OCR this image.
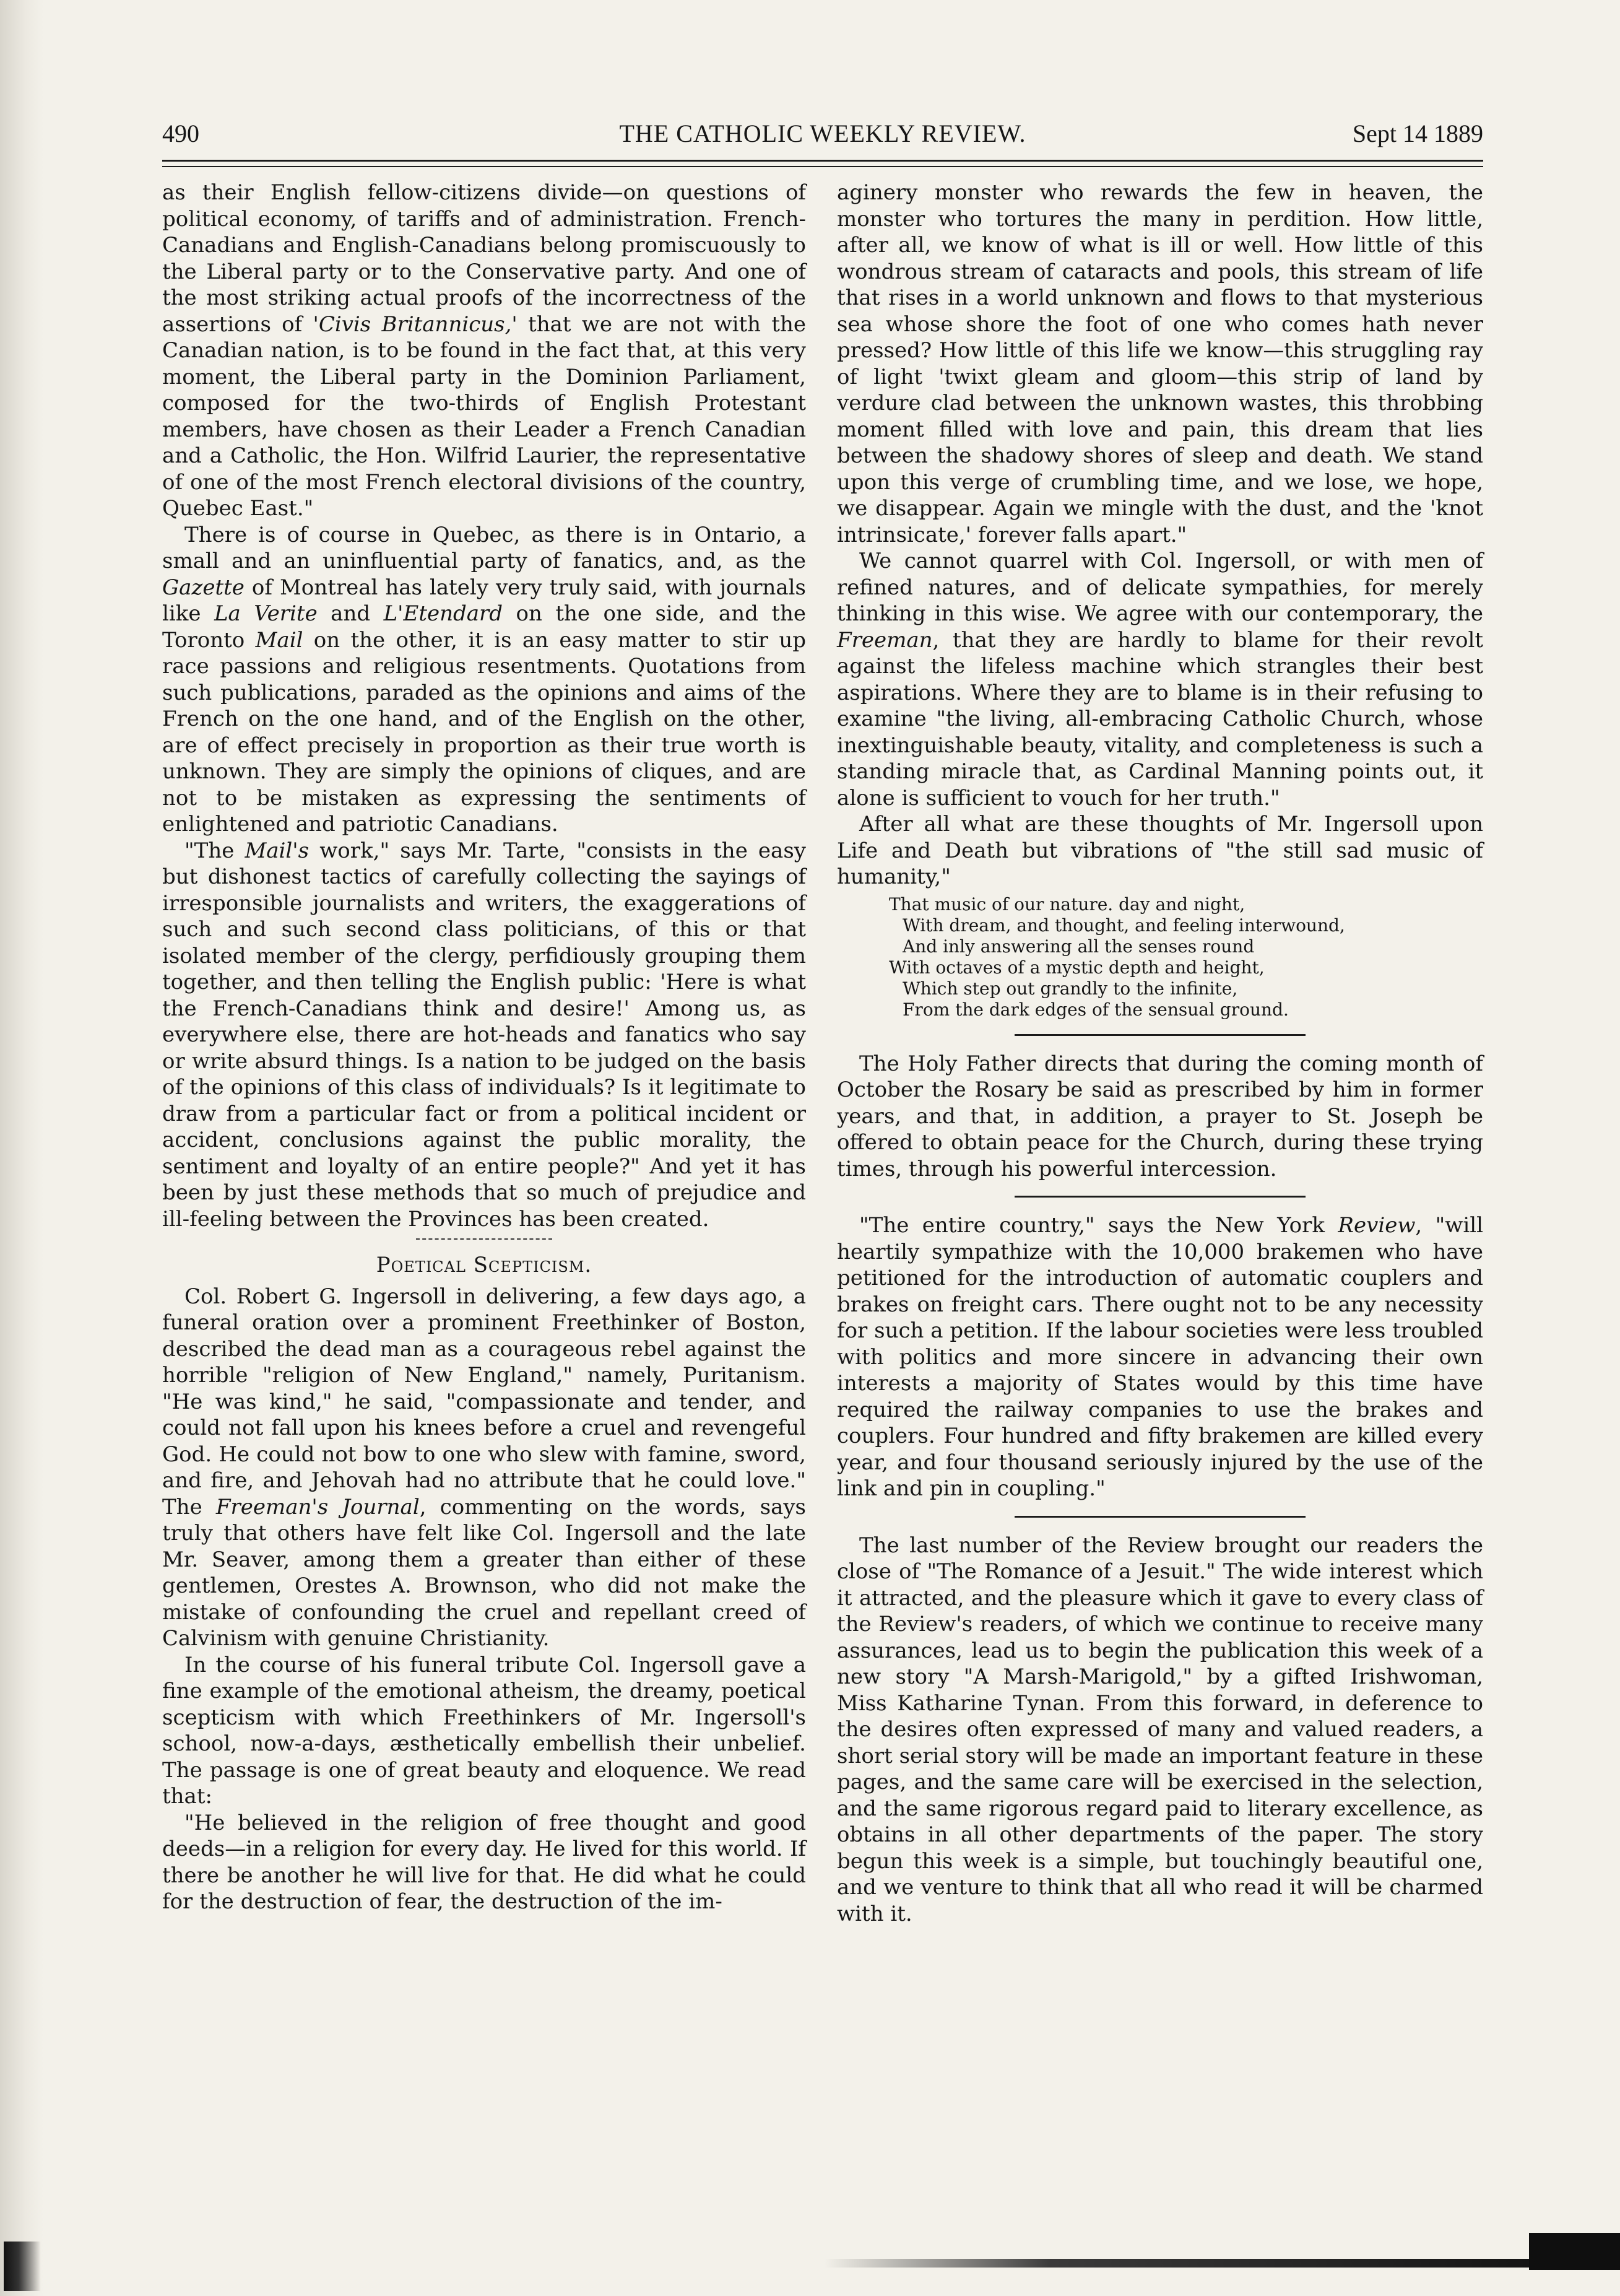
490	THE CATHOLIC WEEKLY REVIEW.	Sept 14 1889

as their English fellow-citizens divide—on questions of political economy, of tariffs and of administration. French-Canadians and English-Canadians belong promiscuously to the Liberal party or to the Conservative party. And one of the most striking actual proofs of the incorrectness of the assertions of 'Civis Britannicus,' that we are not with the Canadian nation, is to be found in the fact that, at this very moment, the Liberal party in the Dominion Parliament, composed for the two-thirds of English Protestant members, have chosen as their Leader a French Canadian and a Catholic, the Hon. Wilfrid Laurier, the representative of one of the most French electoral divisions of the country, Quebec East."

There is of course in Quebec, as there is in Ontario, a small and an uninfluential party of fanatics, and, as the Gazette of Montreal has lately very truly said, with journals like La Verite and L'Etendard on the one side, and the Toronto Mail on the other, it is an easy matter to stir up race passions and religious resentments. Quotations from such publications, paraded as the opinions and aims of the French on the one hand, and of the English on the other, are of effect precisely in proportion as their true worth is unknown. They are simply the opinions of cliques, and are not to be mistaken as expressing the sentiments of enlightened and patriotic Canadians.

"The Mail's work," says Mr. Tarte, "consists in the easy but dishonest tactics of carefully collecting the sayings of irresponsible journalists and writers, the exaggerations of such and such second class politicians, of this or that isolated member of the clergy, perfidiously grouping them together, and then telling the English public: 'Here is what the French-Canadians think and desire!' Among us, as everywhere else, there are hot-heads and fanatics who say or write absurd things. Is a nation to be judged on the basis of the opinions of this class of individuals? Is it legitimate to draw from a particular fact or from a political incident or accident, conclusions against the public morality, the sentiment and loyalty of an entire people?" And yet it has been by just these methods that so much of prejudice and ill-feeling between the Provinces has been created.

Poetical Scepticism.

Col. Robert G. Ingersoll in delivering, a few days ago, a funeral oration over a prominent Freethinker of Boston, described the dead man as a courageous rebel against the horrible "religion of New England," namely, Puritanism. "He was kind," he said, "compassionate and tender, and could not fall upon his knees before a cruel and revengeful God. He could not bow to one who slew with famine, sword, and fire, and Jehovah had no attribute that he could love." The Freeman's Journal, commenting on the words, says truly that others have felt like Col. Ingersoll and the late Mr. Seaver, among them a greater than either of these gentlemen, Orestes A. Brownson, who did not make the mistake of confounding the cruel and repellant creed of Calvinism with genuine Christianity.

In the course of his funeral tribute Col. Ingersoll gave a fine example of the emotional atheism, the dreamy, poetical scepticism with which Freethinkers of Mr. Ingersoll's school, now-a-days, æsthetically embellish their unbelief. The passage is one of great beauty and eloquence. We read that:

"He believed in the religion of free thought and good deeds—in a religion for every day. He lived for this world. If there be another he will live for that. He did what he could for the destruction of fear, the destruction of the im-

aginery monster who rewards the few in heaven, the monster who tortures the many in perdition. How little, after all, we know of what is ill or well. How little of this wondrous stream of cataracts and pools, this stream of life that rises in a world unknown and flows to that mysterious sea whose shore the foot of one who comes hath never pressed? How little of this life we know—this struggling ray of light 'twixt gleam and gloom—this strip of land by verdure clad between the unknown wastes, this throbbing moment filled with love and pain, this dream that lies between the shadowy shores of sleep and death. We stand upon this verge of crumbling time, and we lose, we hope, we disappear. Again we mingle with the dust, and the 'knot intrinsicate,' forever falls apart."

We cannot quarrel with Col. Ingersoll, or with men of refined natures, and of delicate sympathies, for merely thinking in this wise. We agree with our contemporary, the Freeman, that they are hardly to blame for their revolt against the lifeless machine which strangles their best aspirations. Where they are to blame is in their refusing to examine "the living, all-embracing Catholic Church, whose inextinguishable beauty, vitality, and completeness is such a standing miracle that, as Cardinal Manning points out, it alone is sufficient to vouch for her truth."

After all what are these thoughts of Mr. Ingersoll upon Life and Death but vibrations of "the still sad music of humanity,"

That music of our nature. day and night,
With dream, and thought, and feeling interwound,
And inly answering all the senses round
With octaves of a mystic depth and height,
Which step out grandly to the infinite,
From the dark edges of the sensual ground.

The Holy Father directs that during the coming month of October the Rosary be said as prescribed by him in former years, and that, in addition, a prayer to St. Joseph be offered to obtain peace for the Church, during these trying times, through his powerful intercession.

"The entire country," says the New York Review, "will heartily sympathize with the 10,000 brakemen who have petitioned for the introduction of automatic couplers and brakes on freight cars. There ought not to be any necessity for such a petition. If the labour societies were less troubled with politics and more sincere in advancing their own interests a majority of States would by this time have required the railway companies to use the brakes and couplers. Four hundred and fifty brakemen are killed every year, and four thousand seriously injured by the use of the link and pin in coupling."

The last number of the Review brought our readers the close of "The Romance of a Jesuit." The wide interest which it attracted, and the pleasure which it gave to every class of the Review's readers, of which we continue to receive many assurances, lead us to begin the publication this week of a new story "A Marsh-Marigold," by a gifted Irishwoman, Miss Katharine Tynan. From this forward, in deference to the desires often expressed of many and valued readers, a short serial story will be made an important feature in these pages, and the same care will be exercised in the selection, and the same rigorous regard paid to literary excellence, as obtains in all other departments of the paper. The story begun this week is a simple, but touchingly beautiful one, and we venture to think that all who read it will be charmed with it.
